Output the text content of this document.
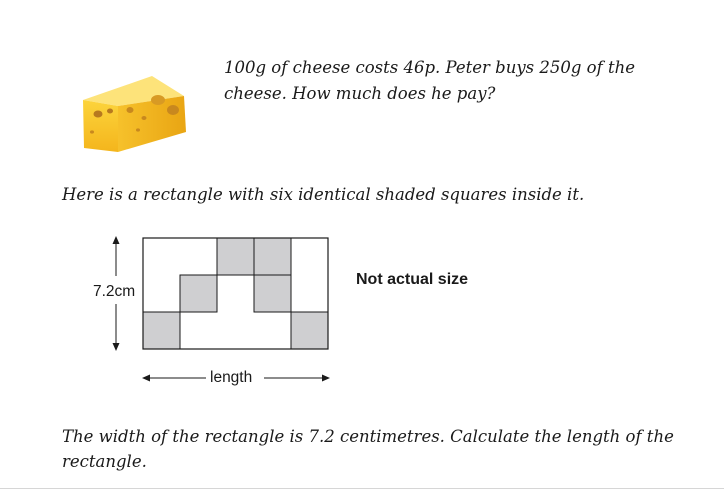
100g of cheese costs 46p. Peter buys 250g of the cheese. How much does he pay?
Here is a rectangle with six identical shaded squares inside it.
7.2cm
length
Not actual size
The width of the rectangle is 7.2 centimetres. Calculate the length of the rectangle.
